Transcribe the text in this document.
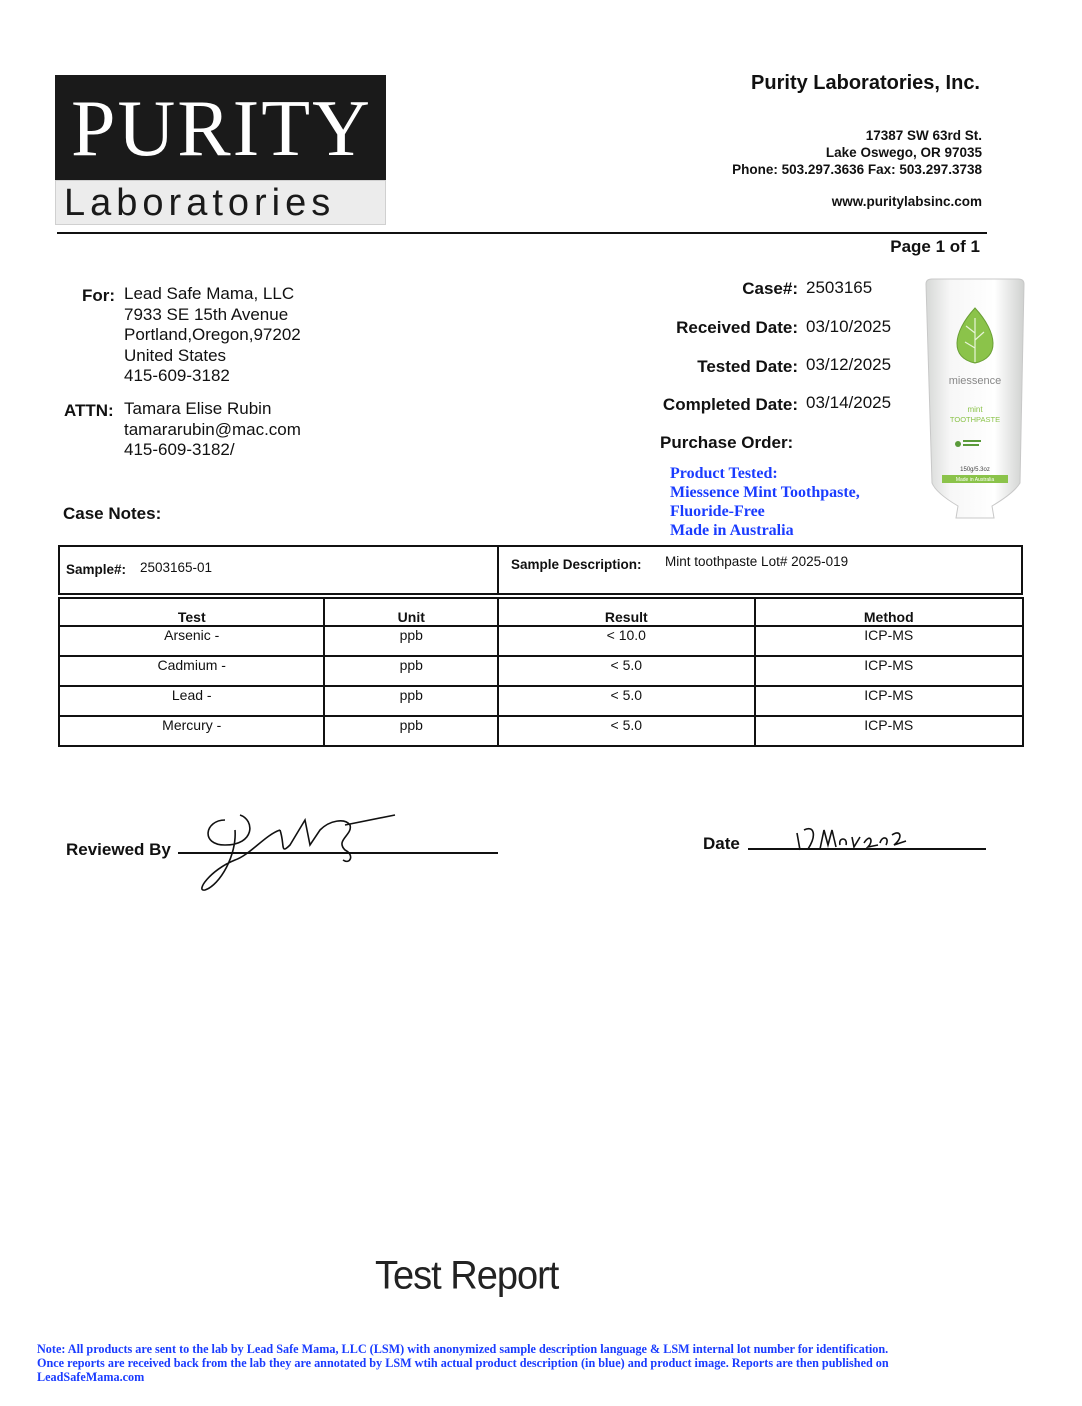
PURITY
Laboratories
Purity Laboratories, Inc.
17387 SW 63rd St.
Lake Oswego, OR 97035
Phone: 503.297.3636 Fax: 503.297.3738
www.puritylabsinc.com
Page 1 of 1
For: Lead Safe Mama, LLC
7933 SE 15th Avenue
Portland,Oregon,97202
United States
415-609-3182
ATTN: Tamara Elise Rubin
tamararubin@mac.com
415-609-3182/
Case Notes:
Case#: 2503165
Received Date: 03/10/2025
Tested Date: 03/12/2025
Completed Date: 03/14/2025
Purchase Order:
Product Tested:
Miessence Mint Toothpaste,
Fluoride-Free
Made in Australia
miessence
mint
TOOTHPASTE
150g/5.3oz
Made in Australia
Sample#: 2503165-01	Sample Description: Mint toothpaste Lot# 2025-019
Test	Unit	Result	Method
Arsenic -	ppb	< 10.0	ICP-MS
Cadmium -	ppb	< 5.0	ICP-MS
Lead -	ppb	< 5.0	ICP-MS
Mercury -	ppb	< 5.0	ICP-MS
Reviewed By	Date
Test Report
Note: All products are sent to the lab by Lead Safe Mama, LLC (LSM) with anonymized sample description language & LSM internal lot number for identification.
Once reports are received back from the lab they are annotated by LSM wtih actual product description (in blue) and product image. Reports are then published on
LeadSafeMama.com
